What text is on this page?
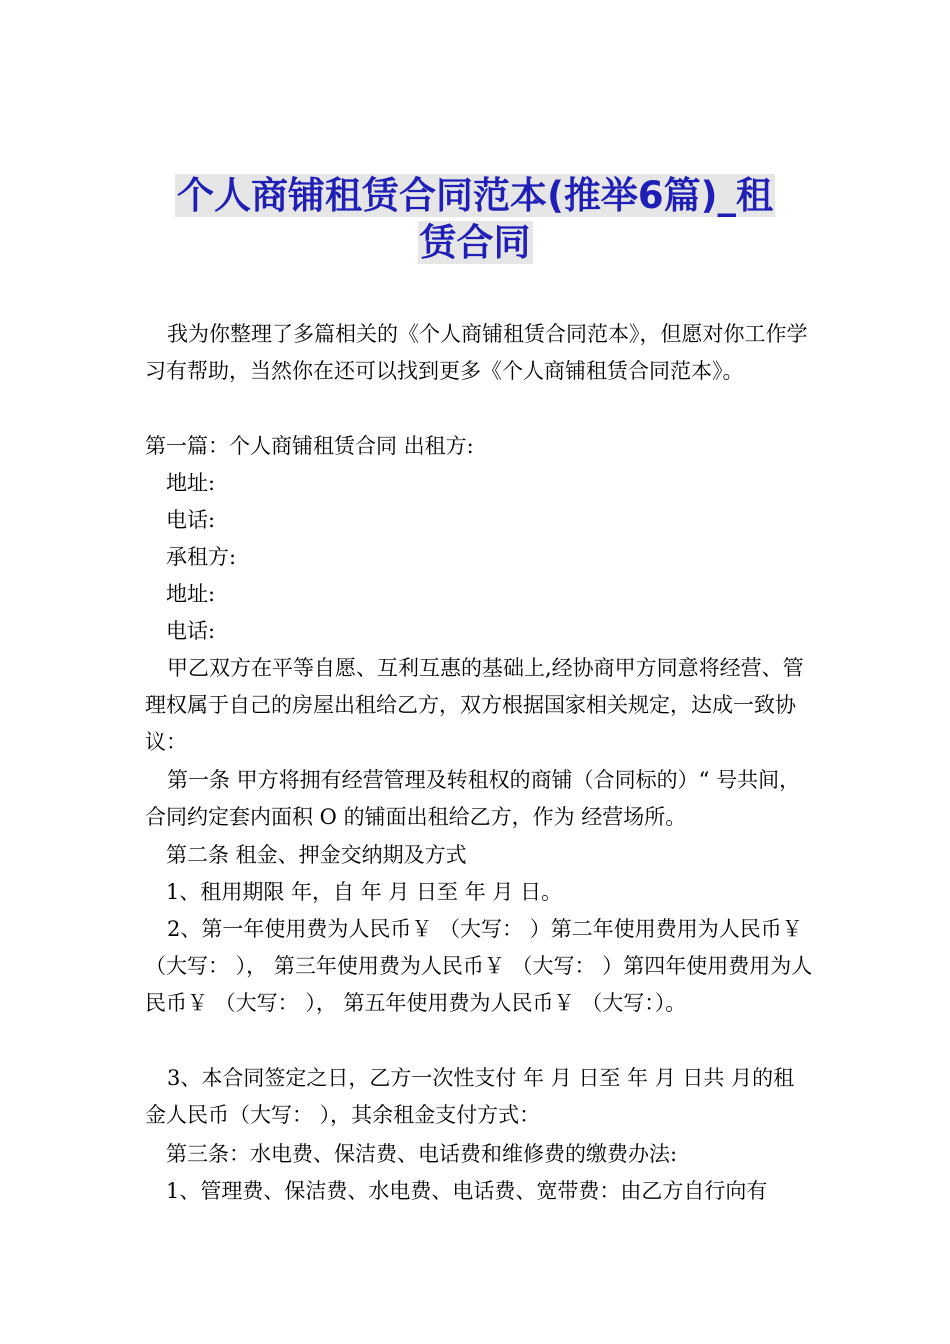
个人商铺租赁合同范本(推举6篇)_租
赁合同

我为你整理了多篇相关的《个人商铺租赁合同范本》，但愿对你工作学习有帮助，当然你在还可以找到更多《个人商铺租赁合同范本》。

第一篇：个人商铺租赁合同 出租方:

地址:

电话:

承租方:

地址:

电话:

甲乙双方在平等自愿、互利互惠的基础上,经协商甲方同意将经营、管理权属于自己的房屋出租给乙方，双方根据国家相关规定，达成一致协议：

第一条 甲方将拥有经营管理及转租权的商铺（合同标的）“ 号共间，合同约定套内面积 O 的铺面出租给乙方，作为 经营场所。

第二条 租金、押金交纳期及方式

1、租用期限 年，自 年 月 日至 年 月 日。

2、第一年使用费为人民币￥ （大写： ）第二年使用费用为人民币￥ （大写： ）， 第三年使用费为人民币￥ （大写： ）第四年使用费用为人民币￥ （大写： ）， 第五年使用费为人民币￥ （大写：）。

3、本合同签定之日，乙方一次性支付 年 月 日至 年 月 日共 月的租金人民币（大写： ），其余租金支付方式：

第三条：水电费、保洁费、电话费和维修费的缴费办法:

1、管理费、保洁费、水电费、电话费、宽带费：由乙方自行向有
